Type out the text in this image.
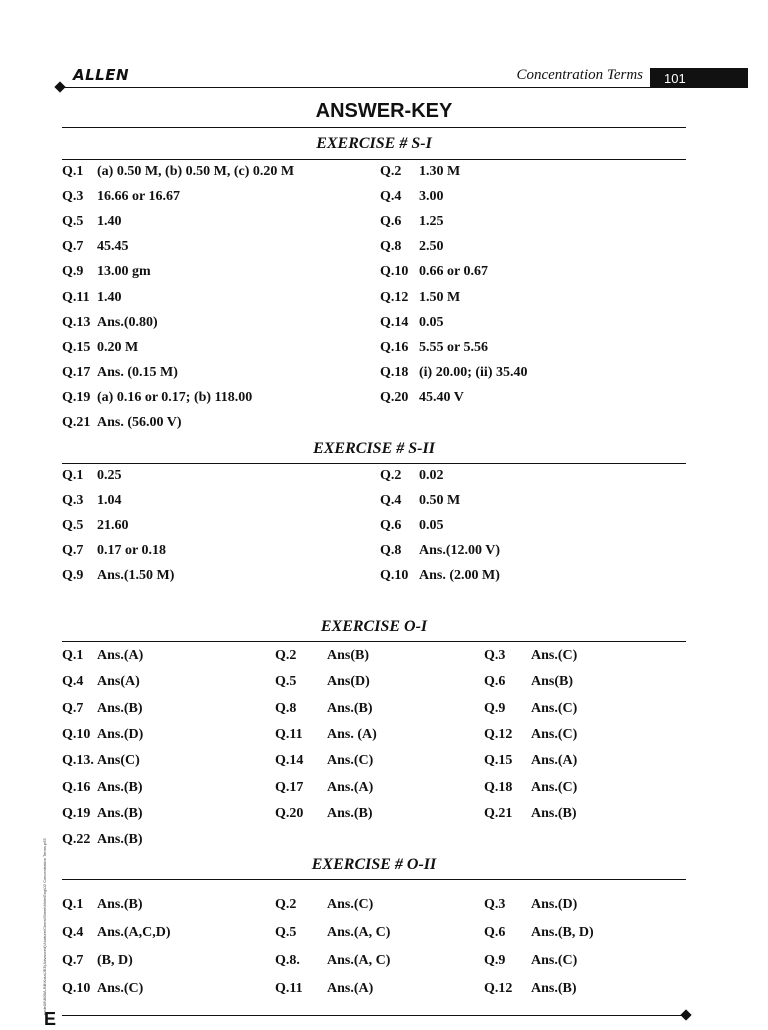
ALLEN	Concentration Terms	101
ANSWER-KEY
EXERCISE # S-I
Q.1 (a) 0.50 M, (b) 0.50 M, (c) 0.20 M	Q.2 1.30 M
Q.3 16.66 or 16.67	Q.4 3.00
Q.5 1.40	Q.6 1.25
Q.7 45.45	Q.8 2.50
Q.9 13.00 gm	Q.10 0.66 or 0.67
Q.11 1.40	Q.12 1.50 M
Q.13 Ans.(0.80)	Q.14 0.05
Q.15 0.20 M	Q.16 5.55 or 5.56
Q.17 Ans. (0.15 M)	Q.18 (i) 20.00; (ii) 35.40
Q.19 (a) 0.16 or 0.17; (b) 118.00	Q.20 45.40 V
Q.21 Ans. (56.00 V)
EXERCISE # S-II
Q.1 0.25	Q.2 0.02
Q.3 1.04	Q.4 0.50 M
Q.5 21.60	Q.6 0.05
Q.7 0.17 or 0.18	Q.8 Ans.(12.00 V)
Q.9 Ans.(1.50 M)	Q.10 Ans. (2.00 M)
EXERCISE O-I
Q.1 Ans.(A)	Q.2 Ans(B)	Q.3 Ans.(C)
Q.4 Ans(A)	Q.5 Ans(D)	Q.6 Ans(B)
Q.7 Ans.(B)	Q.8 Ans.(B)	Q.9 Ans.(C)
Q.10 Ans.(D)	Q.11 Ans. (A)	Q.12 Ans.(C)
Q.13. Ans(C)	Q.14 Ans.(C)	Q.15 Ans.(A)
Q.16 Ans.(B)	Q.17 Ans.(A)	Q.18 Ans.(C)
Q.19 Ans.(B)	Q.20 Ans.(B)	Q.21 Ans.(B)
Q.22 Ans.(B)
EXERCISE # O-II
Q.1 Ans.(B)	Q.2 Ans.(C)	Q.3 Ans.(D)
Q.4 Ans.(A,C,D)	Q.5 Ans.(A, C)	Q.6 Ans.(B, D)
Q.7 (B, D)	Q.8. Ans.(A, C)	Q.9 Ans.(C)
Q.10 Ans.(C)	Q.11 Ans.(A)	Q.12 Ans.(B)
node06\B0BA-BB\Kota\JEE(Advanced)\Nurture\Chem\Sheet\Mole\Eng\02 Concentration Terms.p65
E
